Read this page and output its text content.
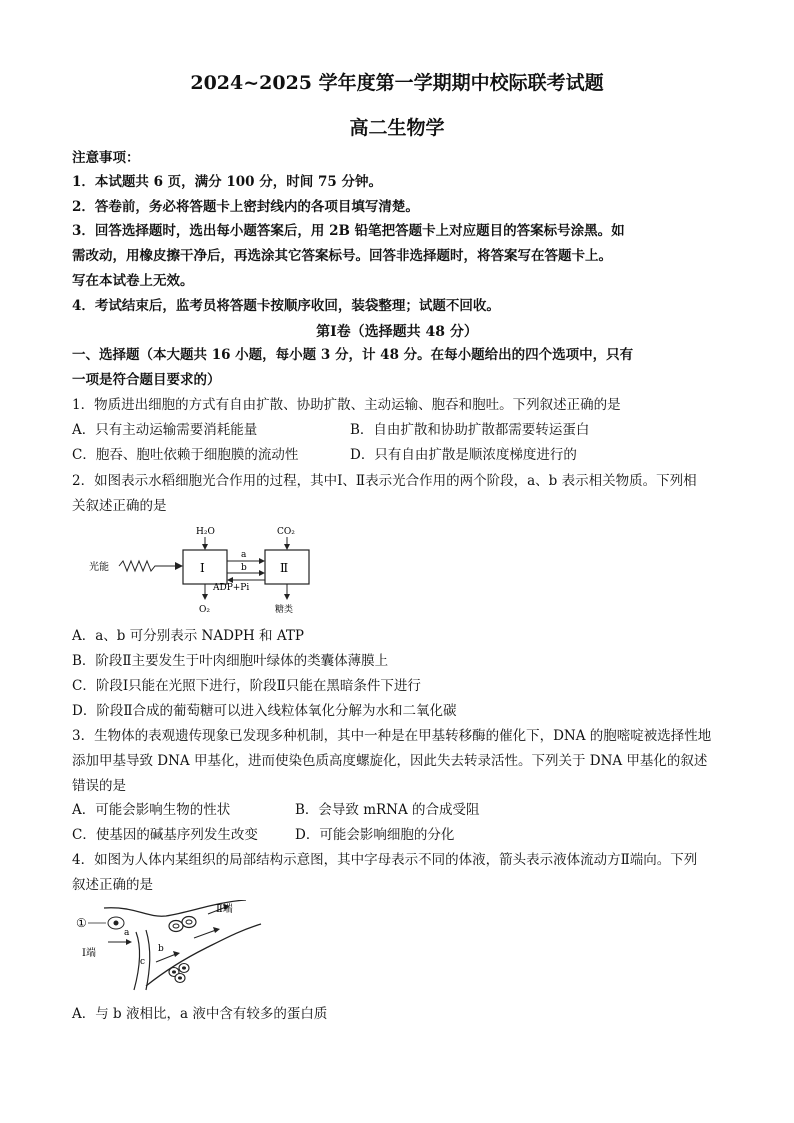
2024~2025 学年度第一学期期中校际联考试题
高二生物学
注意事项：
1．本试题共 6 页，满分 100 分，时间 75 分钟。
2．答卷前，务必将答题卡上密封线内的各项目填写清楚。
3．回答选择题时，选出每小题答案后，用 2B 铅笔把答题卡上对应题目的答案标号涂黑。如
需改动，用橡皮擦干净后，再选涂其它答案标号。回答非选择题时，将答案写在答题卡上。
写在本试卷上无效。
4．考试结束后，监考员将答题卡按顺序收回，装袋整理；试题不回收。
第Ⅰ卷（选择题共 48 分）
一、选择题（本大题共 16 小题，每小题 3 分，计 48 分。在每小题给出的四个选项中，只有
一项是符合题目要求的）
1．物质进出细胞的方式有自由扩散、协助扩散、主动运输、胞吞和胞吐。下列叙述正确的是
A．只有主动运输需要消耗能量	B．自由扩散和协助扩散都需要转运蛋白
C．胞吞、胞吐依赖于细胞膜的流动性	D．只有自由扩散是顺浓度梯度进行的
2．如图表示水稻细胞光合作用的过程，其中Ⅰ、Ⅱ表示光合作用的两个阶段，a、b 表示相关物质。下列相
关叙述正确的是
光能	Ⅰ	Ⅱ
H₂O	CO₂
O₂	糖类
a
b
ADP+Pi
A．a、b 可分别表示 NADPH 和 ATP
B．阶段Ⅱ主要发生于叶肉细胞叶绿体的类囊体薄膜上
C．阶段Ⅰ只能在光照下进行，阶段Ⅱ只能在黑暗条件下进行
D．阶段Ⅱ合成的葡萄糖可以进入线粒体氧化分解为水和二氧化碳
3．生物体的表观遗传现象已发现多种机制，其中一种是在甲基转移酶的催化下，DNA 的胞嘧啶被选择性地
添加甲基导致 DNA 甲基化，进而使染色质高度螺旋化，因此失去转录活性。下列关于 DNA 甲基化的叙述
错误的是
A．可能会影响生物的性状	B．会导致 mRNA 的合成受阻
C．使基因的碱基序列发生改变	D．可能会影响细胞的分化
4．如图为人体内某组织的局部结构示意图，其中字母表示不同的体液，箭头表示液体流动方Ⅱ端向。下列
叙述正确的是
①
Ⅱ端
Ⅰ端
a
b
c
A．与 b 液相比，a 液中含有较多的蛋白质
